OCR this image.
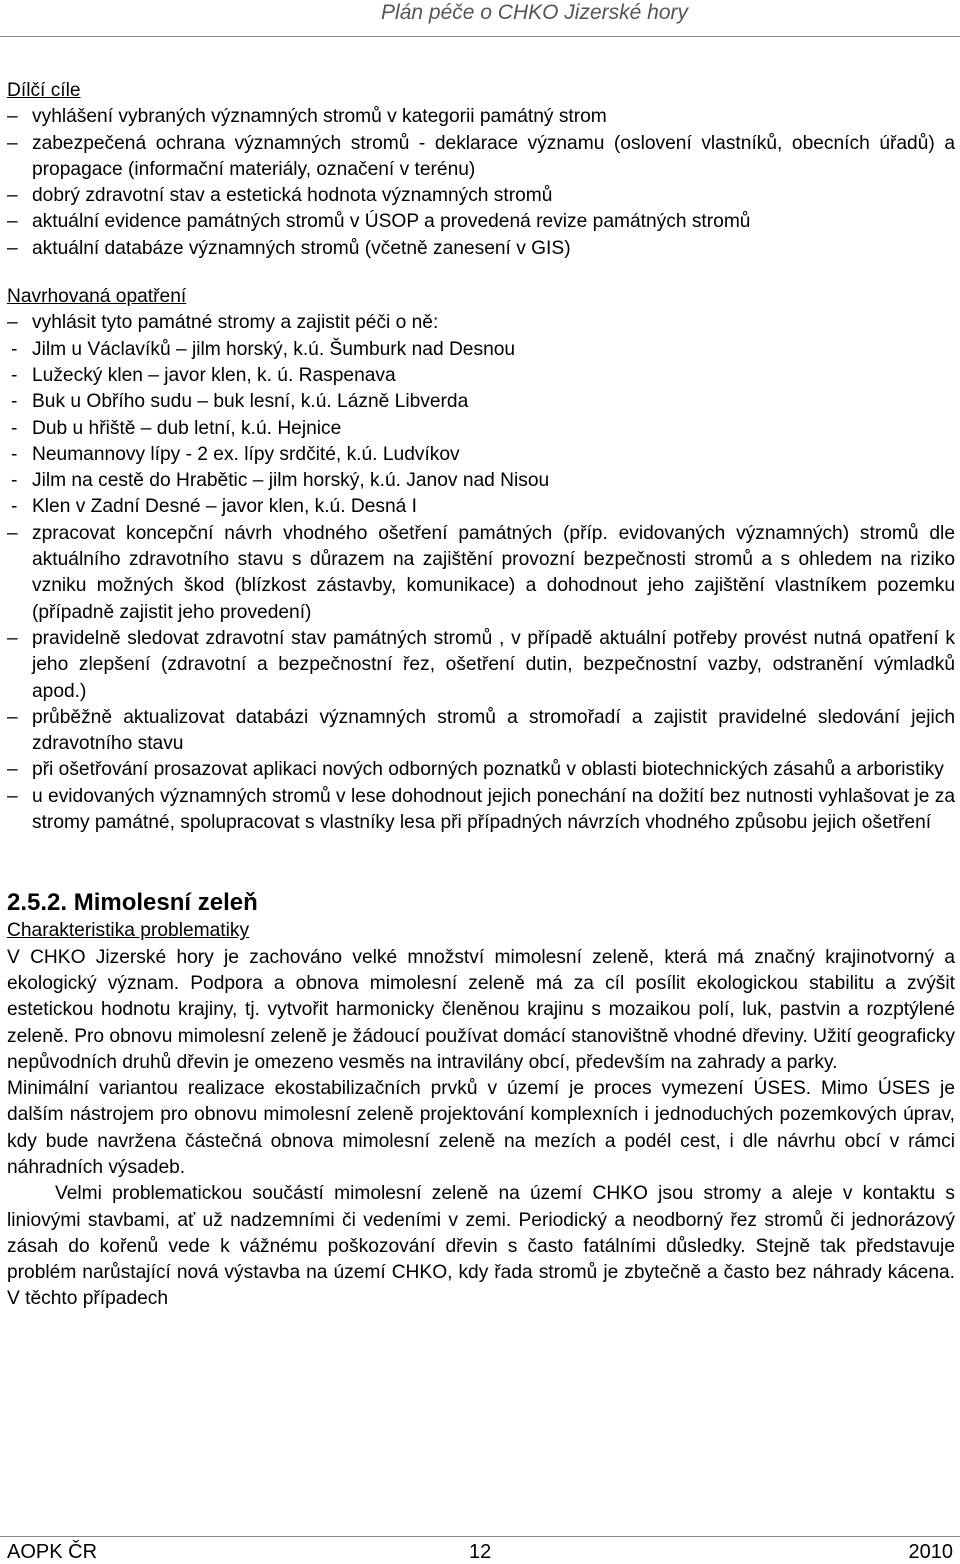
Plán péče o CHKO Jizerské hory
Dílčí cíle
– vyhlášení vybraných významných stromů v kategorii památný strom
– zabezpečená ochrana významných stromů - deklarace významu (oslovení vlastníků, obecních úřadů) a propagace (informační materiály, označení v terénu)
– dobrý zdravotní stav a estetická hodnota významných stromů
– aktuální evidence památných stromů v ÚSOP a provedená revize památných stromů
– aktuální databáze významných stromů (včetně zanesení v GIS)
Navrhovaná opatření
– vyhlásit tyto památné stromy a zajistit péči o ně:
- Jilm u Václavíků – jilm horský, k.ú. Šumburk nad Desnou
- Lužecký klen – javor klen, k. ú. Raspenava
- Buk u Obřího sudu – buk lesní, k.ú. Lázně Libverda
- Dub u hřiště – dub letní, k.ú. Hejnice
- Neumannovy lípy - 2 ex. lípy srdčité, k.ú. Ludvíkov
- Jilm na cestě do Hrabětic – jilm horský, k.ú. Janov nad Nisou
- Klen v Zadní Desné – javor klen, k.ú. Desná I
– zpracovat koncepční návrh vhodného ošetření památných (příp. evidovaných významných) stromů dle aktuálního zdravotního stavu s důrazem na zajištění provozní bezpečnosti stromů a s ohledem na riziko vzniku možných škod (blízkost zástavby, komunikace) a dohodnout jeho zajištění vlastníkem pozemku (případně zajistit jeho provedení)
– pravidelně sledovat zdravotní stav památných stromů , v případě aktuální potřeby provést nutná opatření k jeho zlepšení (zdravotní a bezpečnostní řez, ošetření dutin, bezpečnostní vazby, odstranění výmladků apod.)
– průběžně aktualizovat databázi významných stromů a stromořadí a zajistit pravidelné sledování jejich zdravotního stavu
– při ošetřování prosazovat aplikaci nových odborných poznatků v oblasti biotechnických zásahů a arboristiky
– u evidovaných významných stromů v lese dohodnout jejich ponechání na dožití bez nutnosti vyhlašovat je za stromy památné, spolupracovat s vlastníky lesa při případných návrzích vhodného způsobu jejich ošetření
2.5.2. Mimolesní zeleň
Charakteristika problematiky

V CHKO Jizerské hory je zachováno velké množství mimolesní zeleně, která má značný krajinotvorný a ekologický význam. Podpora a obnova mimolesní zeleně má za cíl posílit ekologickou stabilitu a zvýšit estetickou hodnotu krajiny, tj. vytvořit harmonicky členěnou krajinu s mozaikou polí, luk, pastvin a rozptýlené zeleně. Pro obnovu mimolesní zeleně je žádoucí používat domácí stanovištně vhodné dřeviny. Užití geograficky nepůvodních druhů dřevin je omezeno vesměs na intravilány obcí, především na zahrady a parky.

Minimální variantou realizace ekostabilizačních prvků v území je proces vymezení ÚSES. Mimo ÚSES je dalším nástrojem pro obnovu mimolesní zeleně projektování komplexních i jednoduchých pozemkových úprav, kdy bude navržena částečná obnova mimolesní zeleně na mezích a podél cest, i dle návrhu obcí v rámci náhradních výsadeb.

Velmi problematickou součástí mimolesní zeleně na území CHKO jsou stromy a aleje v kontaktu s liniovými stavbami, ať už nadzemními či vedeními v zemi. Periodický a neodborný řez stromů či jednorázový zásah do kořenů vede k vážnému poškozování dřevin s často fatálními důsledky. Stejně tak představuje problém narůstající nová výstavba na území CHKO, kdy řada stromů je zbytečně a často bez náhrady kácena. V těchto případech

AOPK ČR	12	2010
